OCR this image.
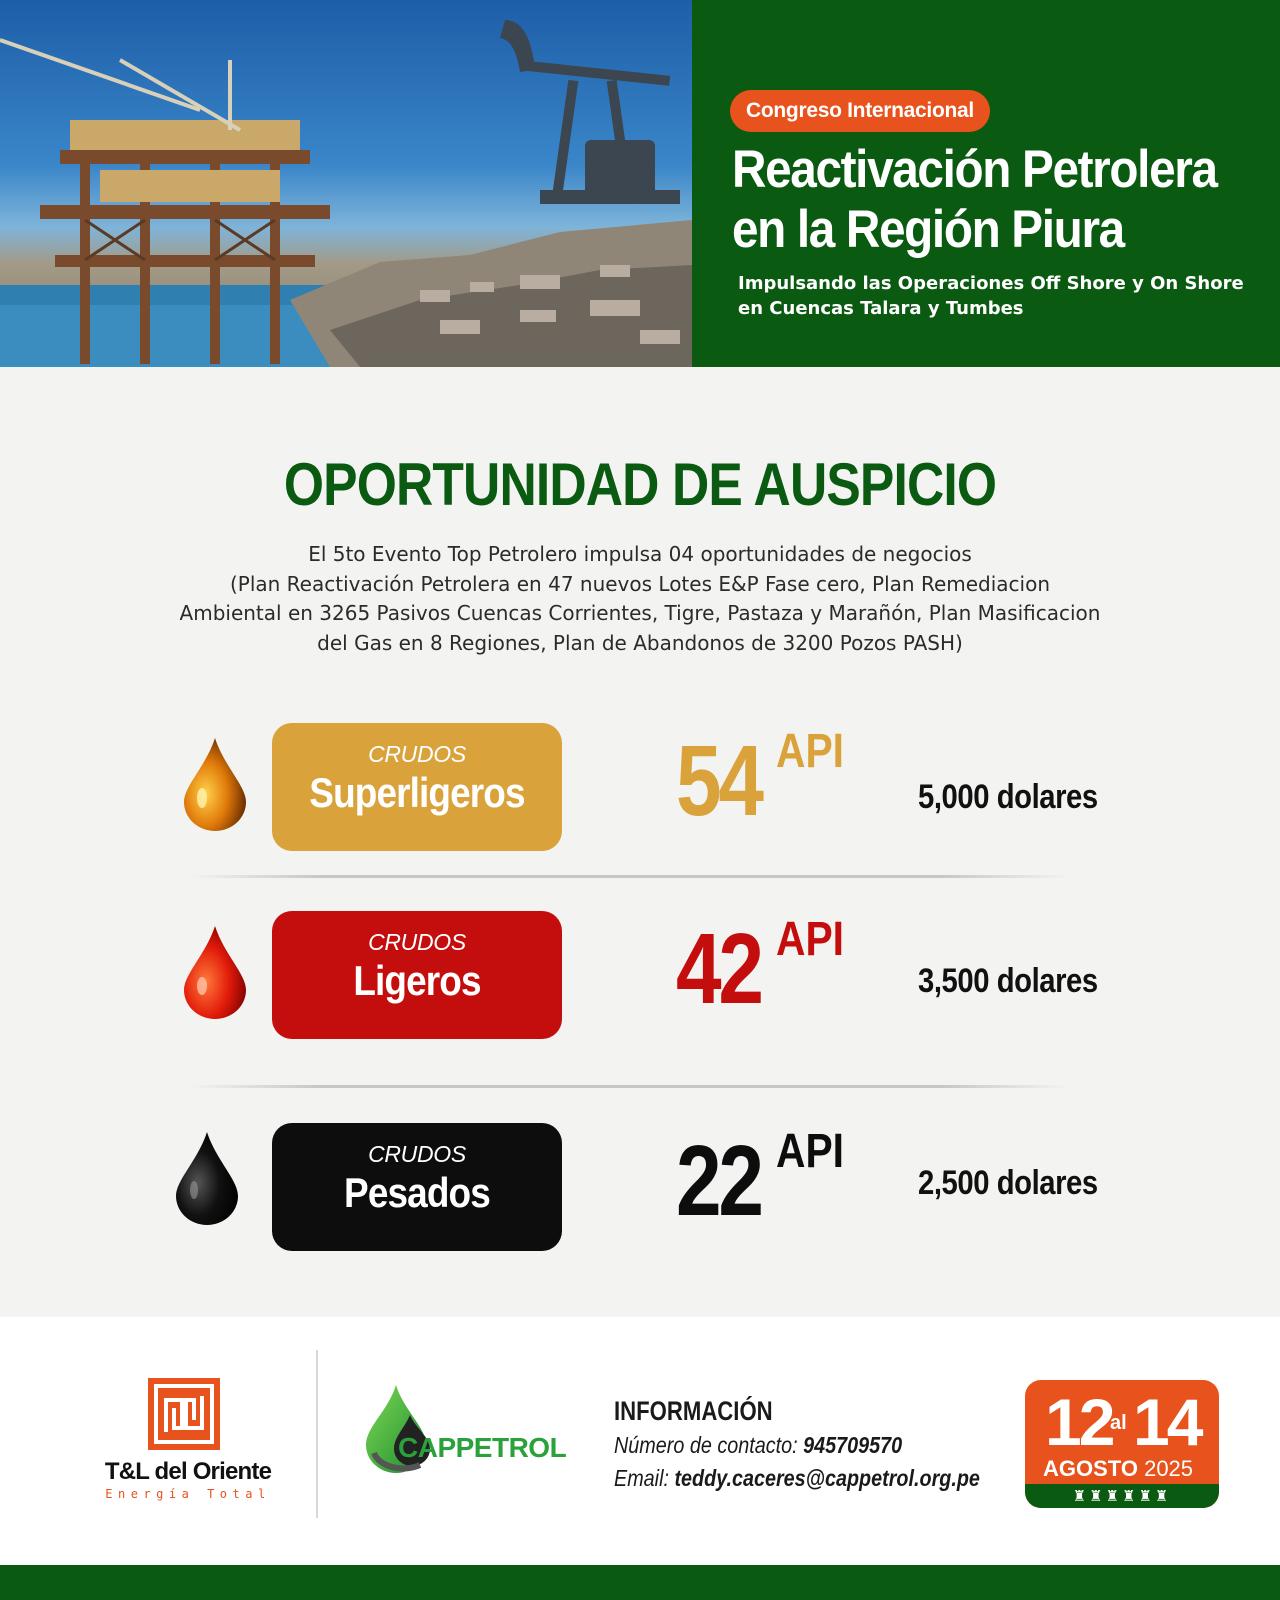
Congreso Internacional
Reactivación Petrolera
en la Región Piura
Impulsando las Operaciones Off Shore y On Shore
en Cuencas Talara y Tumbes
OPORTUNIDAD DE AUSPICIO
El 5to Evento Top Petrolero impulsa 04 oportunidades de negocios
(Plan Reactivación Petrolera en 47 nuevos Lotes E&P Fase cero, Plan Remediacion
Ambiental en 3265 Pasivos Cuencas Corrientes, Tigre, Pastaza y Marañón, Plan Masificacion
del Gas en 8 Regiones, Plan de Abandonos de 3200 Pozos PASH)
CRUDOS
Superligeros 54 API
5,000 dolares
CRUDOS
Ligeros	42 API
3,500 dolares
CRUDOS
Pesados	22 API
2,500 dolares
T&L del Oriente
Energía Total
CAPPETROL
INFORMACIÓN
Número de contacto: 945709570
Email: teddy.caceres@cappetrol.org.pe
12
al 14
AGOSTO 2025
♜♜♜♜♜♜
